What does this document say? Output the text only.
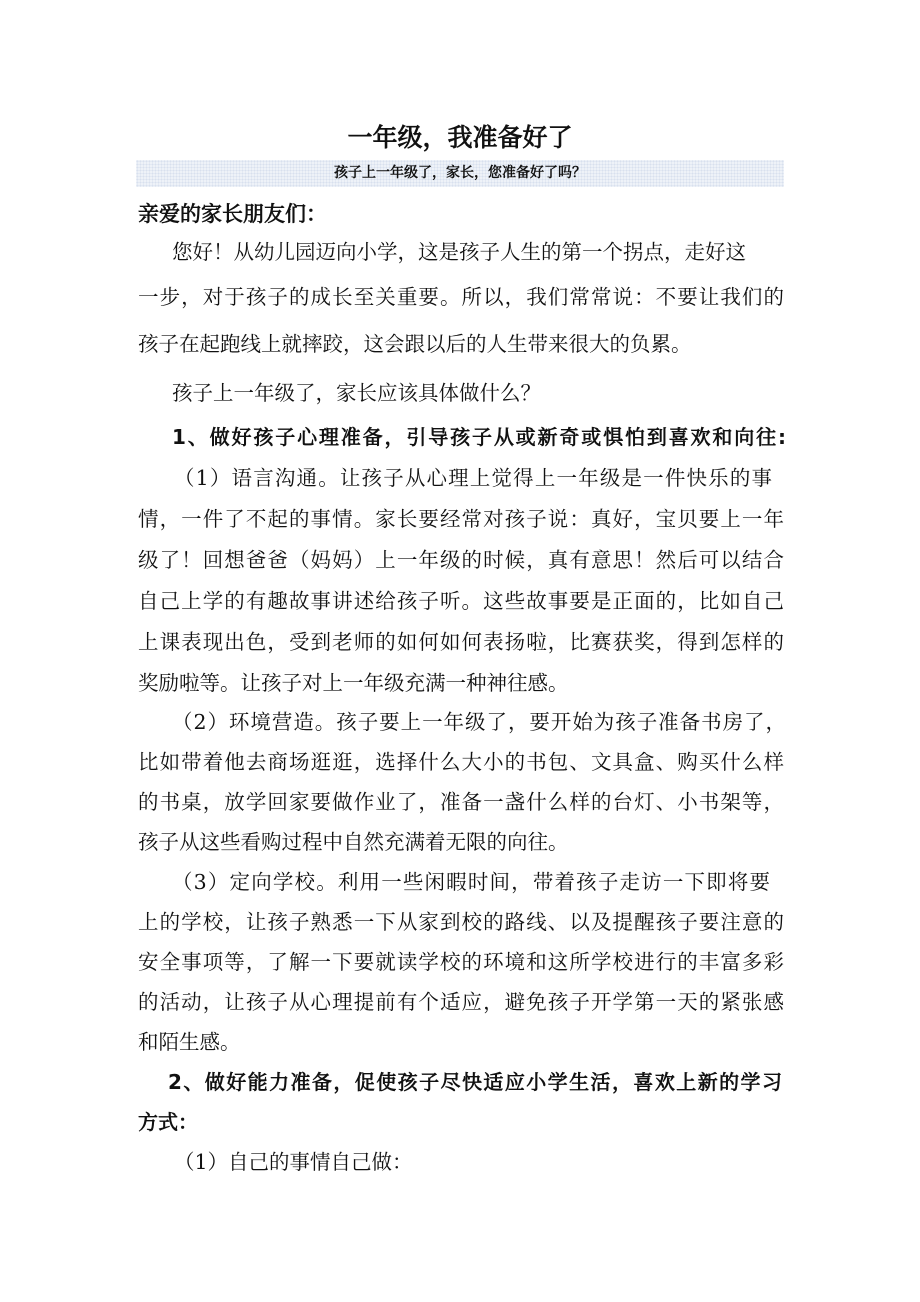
一年级，我准备好了
孩子上一年级了，家长，您准备好了吗？
亲爱的家长朋友们：
您好！从幼儿园迈向小学，这是孩子人生的第一个拐点，走好这
一步，对于孩子的成长至关重要。所以，我们常常说：不要让我们的
孩子在起跑线上就摔跤，这会跟以后的人生带来很大的负累。
孩子上一年级了，家长应该具体做什么？
1、做好孩子心理准备，引导孩子从或新奇或惧怕到喜欢和向往:
（1）语言沟通。让孩子从心理上觉得上一年级是一件快乐的事
情，一件了不起的事情。家长要经常对孩子说：真好，宝贝要上一年
级了！回想爸爸（妈妈）上一年级的时候，真有意思！然后可以结合
自己上学的有趣故事讲述给孩子听。这些故事要是正面的，比如自己
上课表现出色，受到老师的如何如何表扬啦，比赛获奖，得到怎样的
奖励啦等。让孩子对上一年级充满一种神往感。
（2）环境营造。孩子要上一年级了，要开始为孩子准备书房了，
比如带着他去商场逛逛，选择什么大小的书包、文具盒、购买什么样
的书桌，放学回家要做作业了，准备一盏什么样的台灯、小书架等，
孩子从这些看购过程中自然充满着无限的向往。
（3）定向学校。利用一些闲暇时间，带着孩子走访一下即将要
上的学校，让孩子熟悉一下从家到校的路线、以及提醒孩子要注意的
安全事项等，了解一下要就读学校的环境和这所学校进行的丰富多彩
的活动，让孩子从心理提前有个适应，避免孩子开学第一天的紧张感
和陌生感。
2、做好能力准备，促使孩子尽快适应小学生活，喜欢上新的学习
方式：
（1）自己的事情自己做：
